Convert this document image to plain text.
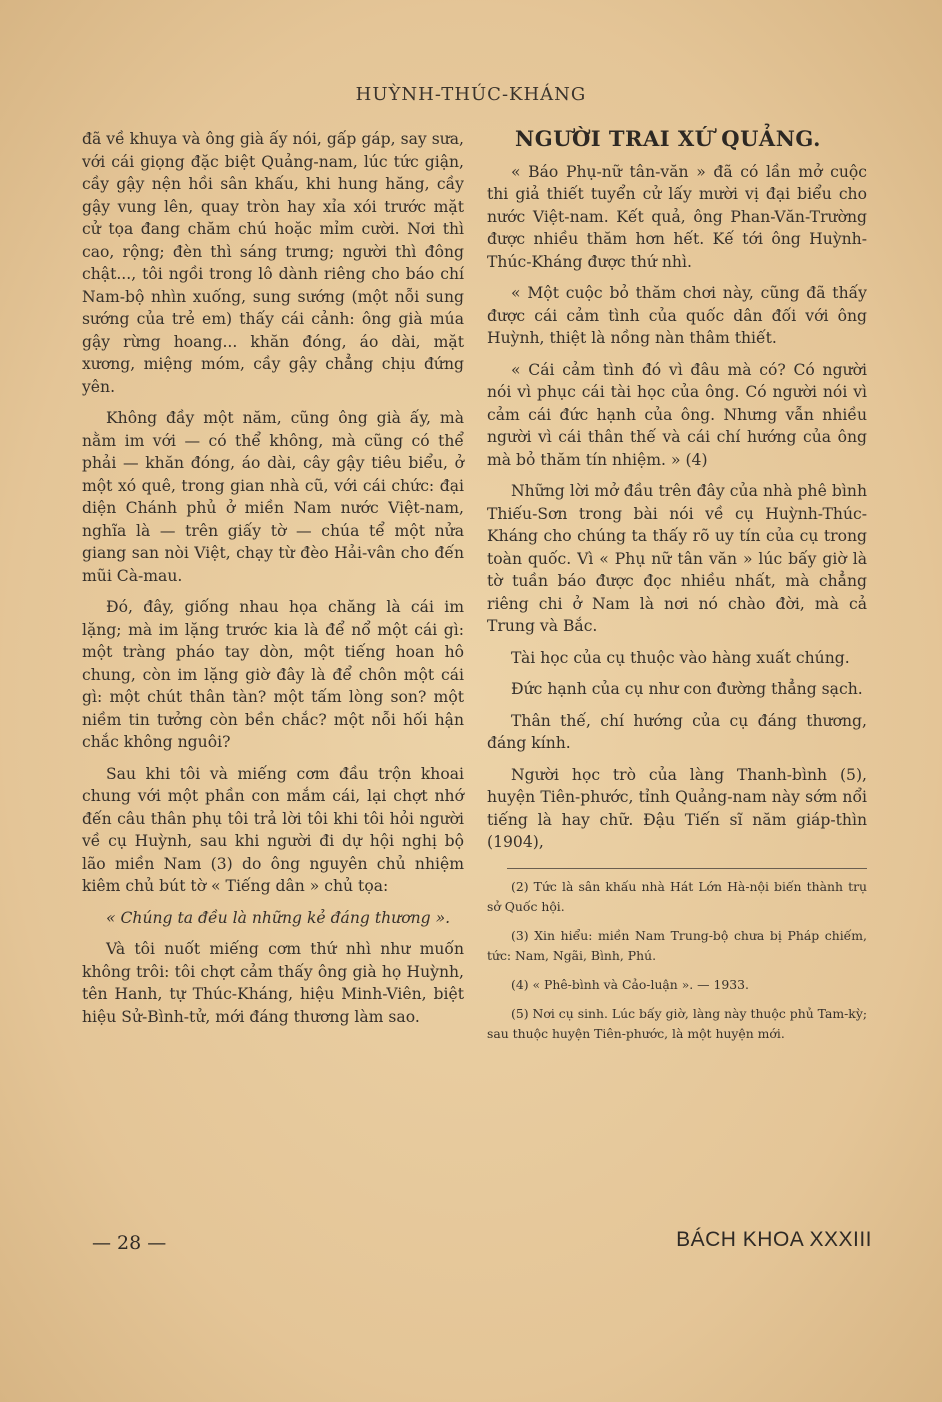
HUỲNH-THÚC-KHÁNG

đã về khuya và ông già ấy nói, gấp gáp, say sưa, với cái giọng đặc biệt Quảng-nam, lúc tức giận, cầy gậy nện hồi sân khấu, khi hung hăng, cầy gậy vung lên, quay tròn hay xỉa xói trước mặt cử tọa đang chăm chú hoặc mỉm cười. Nơi thì cao, rộng; đèn thì sáng trưng; người thì đông chật..., tôi ngồi trong lô dành riêng cho báo chí Nam-bộ nhìn xuống, sung sướng (một nỗi sung sướng của trẻ em) thấy cái cảnh: ông già múa gậy rừng hoang... khăn đóng, áo dài, mặt xương, miệng móm, cầy gậy chẳng chịu đứng yên.

Không đầy một năm, cũng ông già ấy, mà nằm im với — có thể không, mà cũng có thể phải — khăn đóng, áo dài, cây gậy tiêu biểu, ở một xó quê, trong gian nhà cũ, với cái chức: đại diện Chánh phủ ở miền Nam nước Việt-nam, nghĩa là — trên giấy tờ — chúa tể một nửa giang san nòi Việt, chạy từ đèo Hải-vân cho đến mũi Cà-mau.

Đó, đây, giống nhau họa chăng là cái im lặng; mà im lặng trước kia là để nổ một cái gì: một tràng pháo tay dòn, một tiếng hoan hô chung, còn im lặng giờ đây là để chôn một cái gì: một chút thân tàn? một tấm lòng son? một niềm tin tưởng còn bền chắc? một nỗi hối hận chắc không nguôi?

Sau khi tôi và miếng cơm đầu trộn khoai chung với một phần con mắm cái, lại chợt nhớ đến câu thân phụ tôi trả lời tôi khi tôi hỏi người về cụ Huỳnh, sau khi người đi dự hội nghị bộ lão miền Nam (3) do ông nguyên chủ nhiệm kiêm chủ bút tờ « Tiếng dân » chủ tọa:

« Chúng ta đều là những kẻ đáng thương ».

Và tôi nuốt miếng cơm thứ nhì như muốn không trôi: tôi chợt cảm thấy ông già họ Huỳnh, tên Hanh, tự Thúc-Kháng, hiệu Minh-Viên, biệt hiệu Sử-Bình-tử, mới đáng thương làm sao.

NGƯỜI TRAI XỨ QUẢNG.

« Báo Phụ-nữ tân-văn » đã có lần mở cuộc thi giả thiết tuyển cử lấy mười vị đại biểu cho nước Việt-nam. Kết quả, ông Phan-Văn-Trường được nhiều thăm hơn hết. Kế tới ông Huỳnh-Thúc-Kháng được thứ nhì.

« Một cuộc bỏ thăm chơi này, cũng đã thấy được cái cảm tình của quốc dân đối với ông Huỳnh, thiệt là nồng nàn thâm thiết.

« Cái cảm tình đó vì đâu mà có? Có người nói vì phục cái tài học của ông. Có người nói vì cảm cái đức hạnh của ông. Nhưng vẫn nhiều người vì cái thân thế và cái chí hướng của ông mà bỏ thăm tín nhiệm. » (4)

Những lời mở đầu trên đây của nhà phê bình Thiếu-Sơn trong bài nói về cụ Huỳnh-Thúc-Kháng cho chúng ta thấy rõ uy tín của cụ trong toàn quốc. Vì « Phụ nữ tân văn » lúc bấy giờ là tờ tuần báo được đọc nhiều nhất, mà chẳng riêng chi ở Nam là nơi nó chào đời, mà cả Trung và Bắc.

Tài học của cụ thuộc vào hàng xuất chúng.

Đức hạnh của cụ như con đường thẳng sạch.

Thân thế, chí hướng của cụ đáng thương, đáng kính.

Người học trò của làng Thanh-bình (5), huyện Tiên-phước, tỉnh Quảng-nam này sớm nổi tiếng là hay chữ. Đậu Tiến sĩ năm giáp-thìn (1904),

(2) Tức là sân khấu nhà Hát Lớn Hà-nội biến thành trụ sở Quốc hội.

(3) Xin hiểu: miền Nam Trung-bộ chưa bị Pháp chiếm, tức: Nam, Ngãi, Bình, Phú.

(4) « Phê-bình và Cảo-luận ». — 1933.

(5) Nơi cụ sinh. Lúc bấy giờ, làng này thuộc phủ Tam-kỳ; sau thuộc huyện Tiên-phước, là một huyện mới.

— 28 —	BÁCH KHOA XXXIII
